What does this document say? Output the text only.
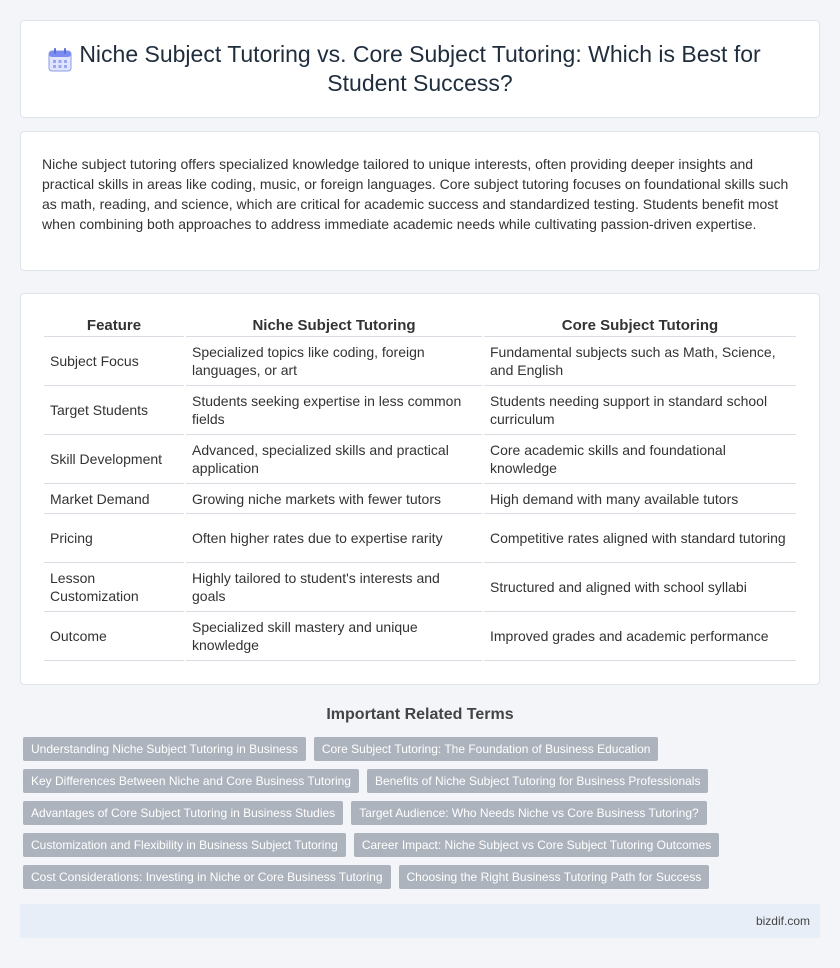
Niche Subject Tutoring vs. Core Subject Tutoring: Which is Best for Student Success?

Niche subject tutoring offers specialized knowledge tailored to unique interests, often providing deeper insights and practical skills in areas like coding, music, or foreign languages. Core subject tutoring focuses on foundational skills such as math, reading, and science, which are critical for academic success and standardized testing. Students benefit most when combining both approaches to address immediate academic needs while cultivating passion-driven expertise.

Feature	Niche Subject Tutoring	Core Subject Tutoring
Subject Focus	Specialized topics like coding, foreign languages, or art	Fundamental subjects such as Math, Science, and English
Target Students	Students seeking expertise in less common fields	Students needing support in standard school curriculum
Skill Development	Advanced, specialized skills and practical application	Core academic skills and foundational knowledge
Market Demand	Growing niche markets with fewer tutors	High demand with many available tutors
Pricing	Often higher rates due to expertise rarity	Competitive rates aligned with standard tutoring
Lesson Customization	Highly tailored to student's interests and goals	Structured and aligned with school syllabi
Outcome	Specialized skill mastery and unique knowledge	Improved grades and academic performance
Important Related Terms
Understanding Niche Subject Tutoring in Business	Core Subject Tutoring: The Foundation of Business Education
Key Differences Between Niche and Core Business Tutoring	Benefits of Niche Subject Tutoring for Business Professionals
Advantages of Core Subject Tutoring in Business Studies	Target Audience: Who Needs Niche vs Core Business Tutoring?
Customization and Flexibility in Business Subject Tutoring	Career Impact: Niche Subject vs Core Subject Tutoring Outcomes
Cost Considerations: Investing in Niche or Core Business Tutoring	Choosing the Right Business Tutoring Path for Success
bizdif.com
